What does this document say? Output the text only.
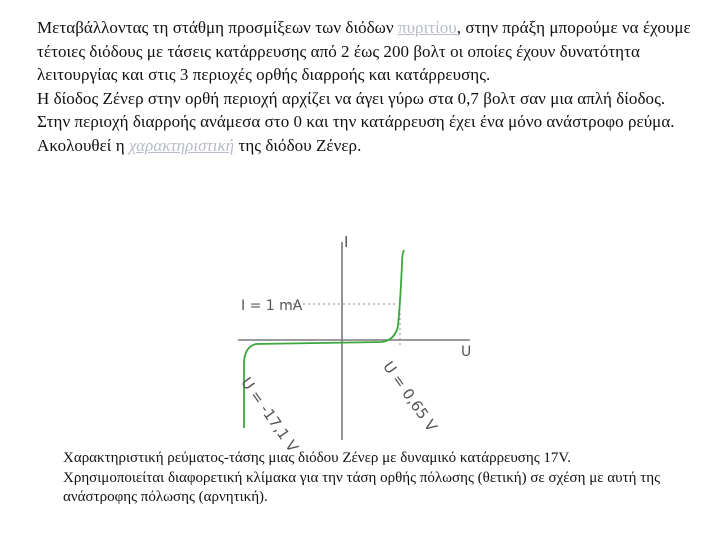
Μεταβάλλοντας τη στάθμη προσμίξεων των διόδων πυριτίου, στην πράξη μπορούμε να έχουμε τέτοιες διόδους με τάσεις κατάρρευσης από 2 έως 200 βολτ οι οποίες έχουν δυνατότητα λειτουργίας και στις 3 περιοχές ορθής διαρροής και κατάρρευσης.

Η δίοδος Ζένερ στην ορθή περιοχή αρχίζει να άγει γύρω στα 0,7 βολτ σαν μια απλή δίοδος.

Στην περιοχή διαρροής ανάμεσα στο 0 και την κατάρρευση έχει ένα μόνο ανάστροφο ρεύμα.

Ακολουθεί η χαρακτηριστική της διόδου Ζένερ.

I
I = 1 mA
U
U = 0,65 V
U = -17,1 V

Χαρακτηριστική ρεύματος-τάσης μιας διόδου Ζένερ με δυναμικό κατάρρευσης 17V.

Χρησιμοποιείται διαφορετική κλίμακα για την τάση ορθής πόλωσης (θετική) σε σχέση με αυτή της ανάστροφης πόλωσης (αρνητική).
